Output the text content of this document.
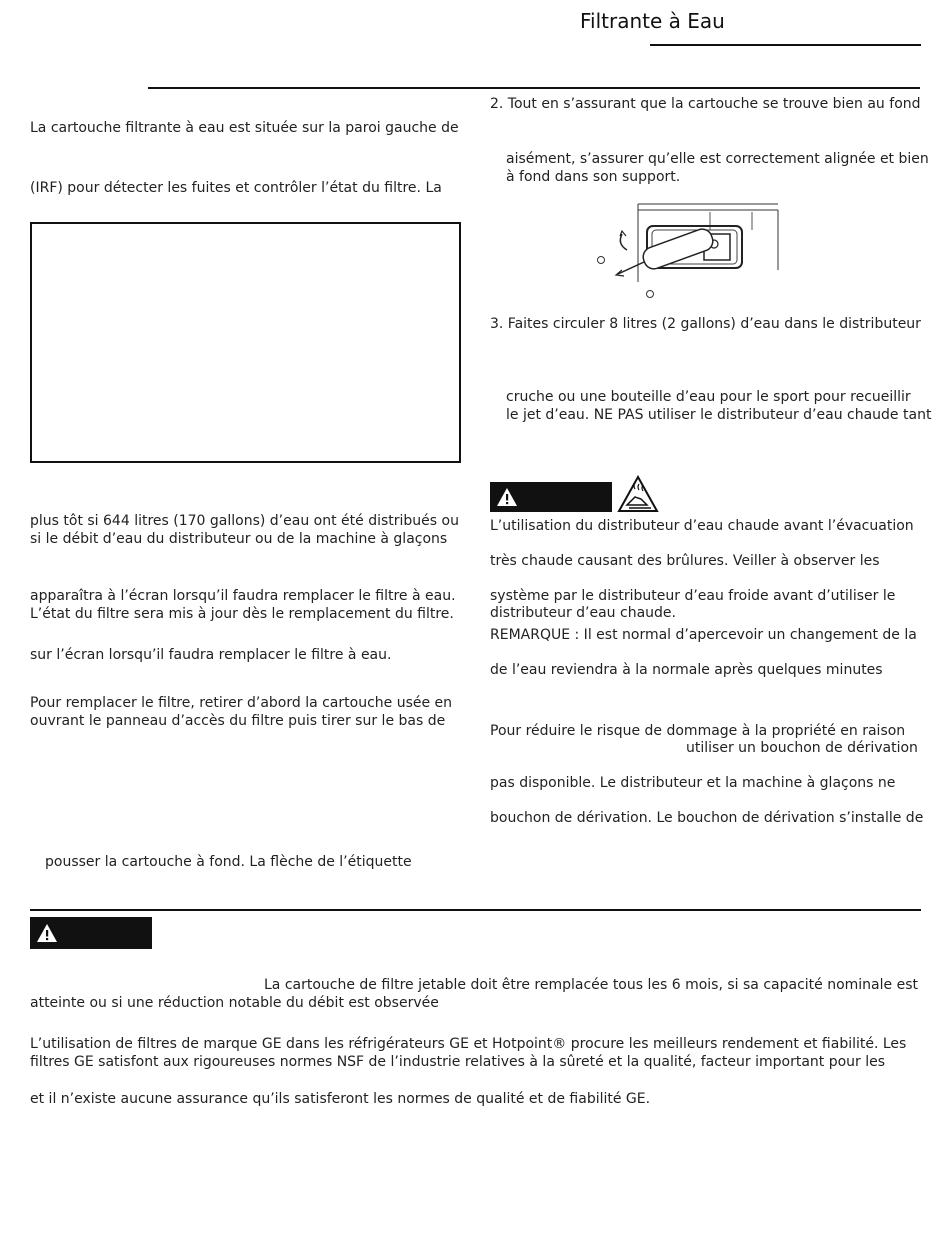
Filtrante à Eau
La cartouche filtrante à eau est située sur la paroi gauche de
(IRF) pour détecter les fuites et contrôler l’état du filtre. La
plus tôt si 644 litres (170 gallons) d’eau ont été distribués ou
si le débit d’eau du distributeur ou de la machine à glaçons
apparaîtra à l’écran lorsqu’il faudra remplacer le filtre à eau.
L’état du filtre sera mis à jour dès le remplacement du filtre.
sur l’écran lorsqu’il faudra remplacer le filtre à eau.
Pour remplacer le filtre, retirer d’abord la cartouche usée en
ouvrant le panneau d’accès du filtre puis tirer sur le bas de
pousser la cartouche à fond. La flèche de l’étiquette
2. Tout en s’assurant que la cartouche se trouve bien au fond
aisément, s’assurer qu’elle est correctement alignée et bien
à fond dans son support.
3. Faites circuler 8 litres (2 gallons) d’eau dans le distributeur
cruche ou une bouteille d’eau pour le sport pour recueillir
le jet d’eau. NE PAS utiliser le distributeur d’eau chaude tant
L’utilisation du distributeur d’eau chaude avant l’évacuation
très chaude causant des brûlures. Veiller à observer les
système par le distributeur d’eau froide avant d’utiliser le
distributeur d’eau chaude.
REMARQUE : Il est normal d’apercevoir un changement de la
de l’eau reviendra à la normale après quelques minutes
Pour réduire le risque de dommage à la propriété en raison
utiliser un bouchon de dérivation
pas disponible. Le distributeur et la machine à glaçons ne
bouchon de dérivation. Le bouchon de dérivation s’installe de
La cartouche de filtre jetable doit être remplacée tous les 6 mois, si sa capacité nominale est
atteinte ou si une réduction notable du débit est observée
L’utilisation de filtres de marque GE dans les réfrigérateurs GE et Hotpoint® procure les meilleurs rendement et fiabilité. Les
filtres GE satisfont aux rigoureuses normes NSF de l’industrie relatives à la sûreté et la qualité, facteur important pour les
et il n’existe aucune assurance qu’ils satisferont les normes de qualité et de fiabilité GE.
